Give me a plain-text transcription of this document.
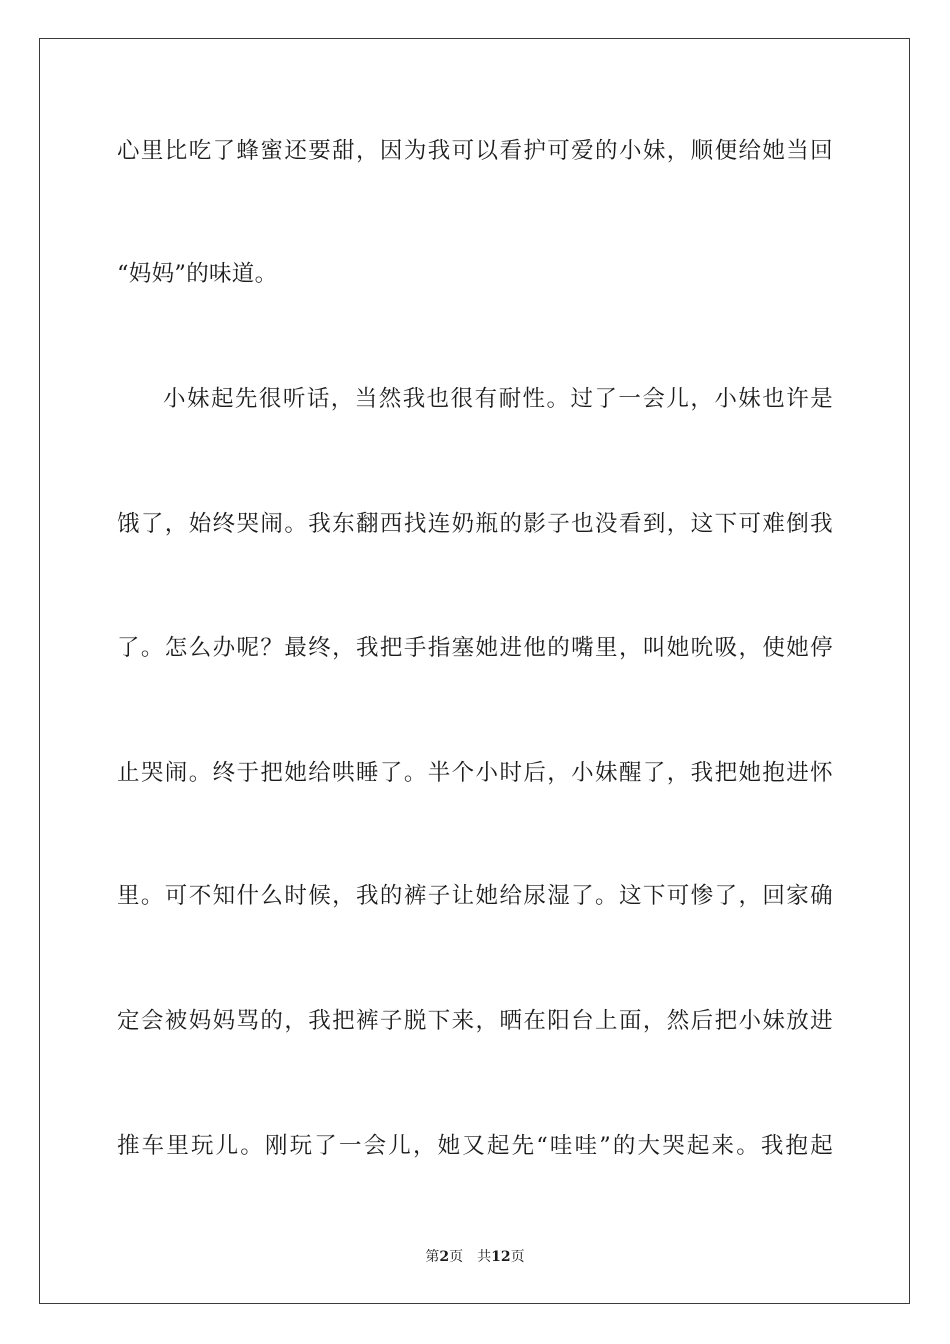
心里比吃了蜂蜜还要甜，因为我可以看护可爱的小妹，顺便给她当回
“妈妈”的味道。
小妹起先很听话，当然我也很有耐性。过了一会儿，小妹也许是
饿了，始终哭闹。我东翻西找连奶瓶的影子也没看到，这下可难倒我
了。怎么办呢？最终，我把手指塞她进他的嘴里，叫她吮吸，使她停
止哭闹。终于把她给哄睡了。半个小时后，小妹醒了，我把她抱进怀
里。可不知什么时候，我的裤子让她给尿湿了。这下可惨了，回家确
定会被妈妈骂的，我把裤子脱下来，晒在阳台上面，然后把小妹放进
推车里玩儿。刚玩了一会儿，她又起先“哇哇”的大哭起来。我抱起
第2页 共12页
